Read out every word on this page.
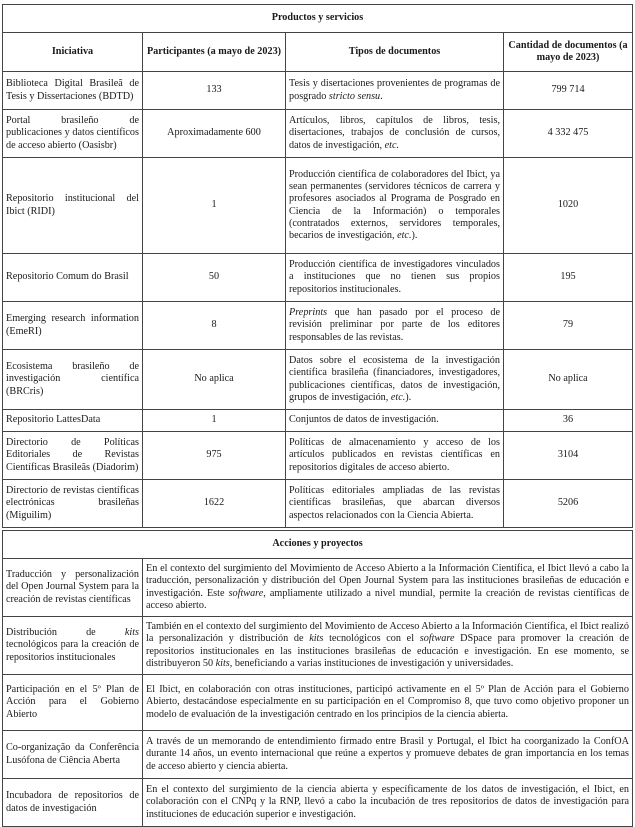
Productos y servicios			
Iniciativa	Participantes (a mayo de 2023)	Tipos de documentos	Cantidad de documentos (a mayo de 2023)
Biblioteca Digital Brasileã de Tesis y Dissertaciones (BDTD)	133	Tesis y disertaciones provenientes de programas de posgrado stricto sensu.	799 714
Portal brasileño de publicaciones y datos científicos de acceso abierto (Oasisbr)	Aproximadamente 600	Artículos, libros, capítulos de libros, tesis, disertaciones, trabajos de conclusión de cursos, datos de investigación, etc.	4 332 475
Repositorio institucional del Ibict (RIDI)	1	Producción científica de colaboradores del Ibict, ya sean permanentes (servidores técnicos de carrera y profesores asociados al Programa de Posgrado en Ciencia de la Información) o temporales (contratados externos, servidores temporales, becarios de investigación, etc.).	1020
Repositorio Comum do Brasil	50	Producción científica de investigadores vinculados a instituciones que no tienen sus propios repositorios institucionales.	195
Emerging research information (EmeRI)	8	Preprints que han pasado por el proceso de revisión preliminar por parte de los editores responsables de las revistas.	79
Ecosistema brasileño de investigación científica (BRCris)	No aplica	Datos sobre el ecosistema de la investigación científica brasileña (financiadores, investigadores, publicaciones científicas, datos de investigación, grupos de investigación, etc.).	No aplica
Repositorio LattesData	1	Conjuntos de datos de investigación.	36
Directorio de Políticas Editoriales de Revistas Científicas Brasileãs (Diadorim)	975	Políticas de almacenamiento y acceso de los artículos publicados en revistas científicas en repositorios digitales de acceso abierto.	3104
Directorio de revistas científicas electrónicas brasileñas (Miguilim)	1622	Políticas editoriales ampliadas de las revistas científicas brasileñas, que abarcan diversos aspectos relacionados con la Ciencia Abierta.	5206

Acciones y proyectos			
Traducción y personalización del Open Journal System para la creación de revistas científicas	En el contexto del surgimiento del Movimiento de Acceso Abierto a la Información Científica, el Ibict llevó a cabo la traducción, personalización y distribución del Open Journal System para las instituciones brasileñas de educación e investigación. Este software, ampliamente utilizado a nivel mundial, permite la creación de revistas científicas de acceso abierto.		
Distribución de kits tecnológicos para la creación de repositorios institucionales	También en el contexto del surgimiento del Movimiento de Acceso Abierto a la Información Científica, el Ibict realizó la personalización y distribución de kits tecnológicos con el software DSpace para promover la creación de repositorios institucionales en las instituciones brasileñas de educación e investigación. En ese momento, se distribuyeron 50 kits, beneficiando a varias instituciones de investigación y universidades.		
Participación en el 5º Plan de Acción para el Gobierno Abierto	El Ibict, en colaboración con otras instituciones, participó activamente en el 5º Plan de Acción para el Gobierno Abierto, destacándose especialmente en su participación en el Compromiso 8, que tuvo como objetivo proponer un modelo de evaluación de la investigación centrado en los principios de la ciencia abierta.		
Co-organização da Conferência Lusófona de Ciência Aberta	A través de un memorando de entendimiento firmado entre Brasil y Portugal, el Ibict ha coorganizado la ConfOA durante 14 años, un evento internacional que reúne a expertos y promueve debates de gran importancia en los temas de acceso abierto y ciencia abierta.		
Incubadora de repositorios de datos de investigación	En el contexto del surgimiento de la ciencia abierta y específicamente de los datos de investigación, el Ibict, en colaboración con el CNPq y la RNP, llevó a cabo la incubación de tres repositorios de datos de investigación para instituciones de educación superior e investigación.		
